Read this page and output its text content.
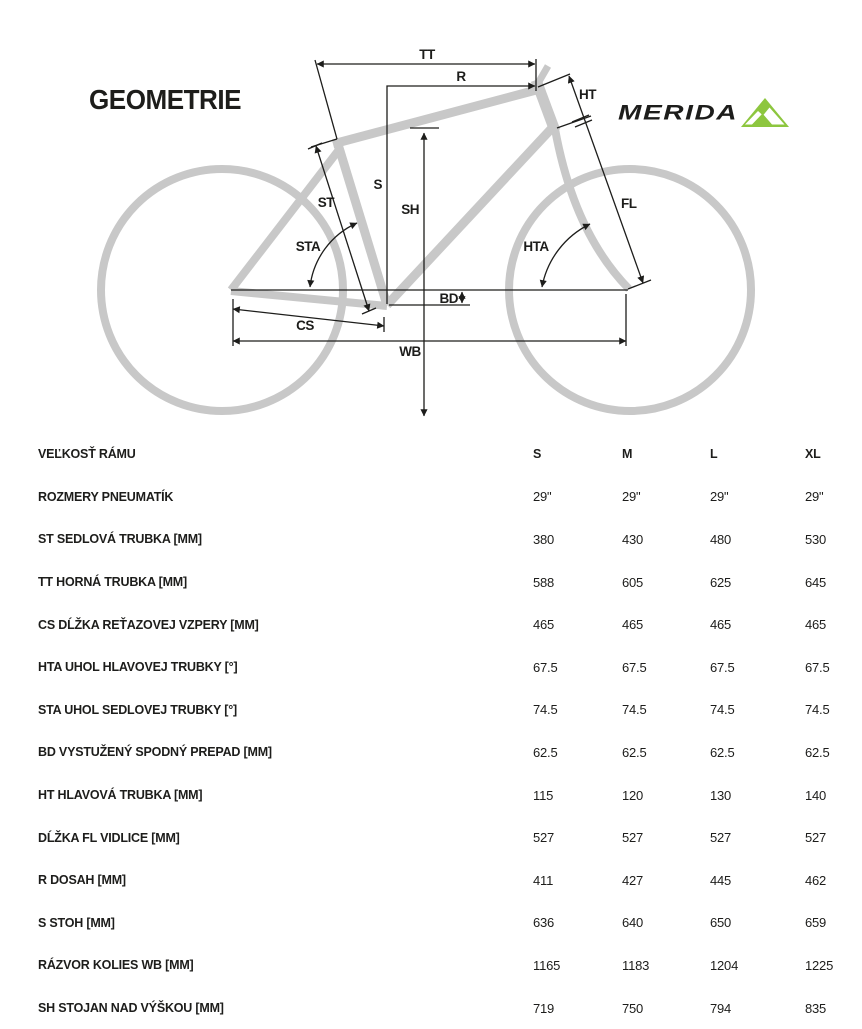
TT
R
HT
S
SH
ST
STA	HTA
FL
BD
CS
WB
GEOMETRIE	MERIDA
VEĽKOSŤ RÁMU	S	M	L	XL
ROZMERY PNEUMATÍK	29"	29"	29"	29"
ST SEDLOVÁ TRUBKA [MM]	380	430	480	530
TT HORNÁ TRUBKA [MM]	588	605	625	645
CS DĹŽKA REŤAZOVEJ VZPERY [MM]	465	465	465	465
HTA UHOL HLAVOVEJ TRUBKY [°]	67.5	67.5	67.5	67.5
STA UHOL SEDLOVEJ TRUBKY [°]	74.5	74.5	74.5	74.5
BD VYSTUŽENÝ SPODNÝ PREPAD [MM]	62.5	62.5	62.5	62.5
HT HLAVOVÁ TRUBKA [MM]	115	120	130	140
DĹŽKA FL VIDLICE [MM]	527	527	527	527
R DOSAH [MM]	411	427	445	462
S STOH [MM]	636	640	650	659
RÁZVOR KOLIES WB [MM]	1165	1183	1204	1225
SH STOJAN NAD VÝŠKOU [MM]	719	750	794	835
